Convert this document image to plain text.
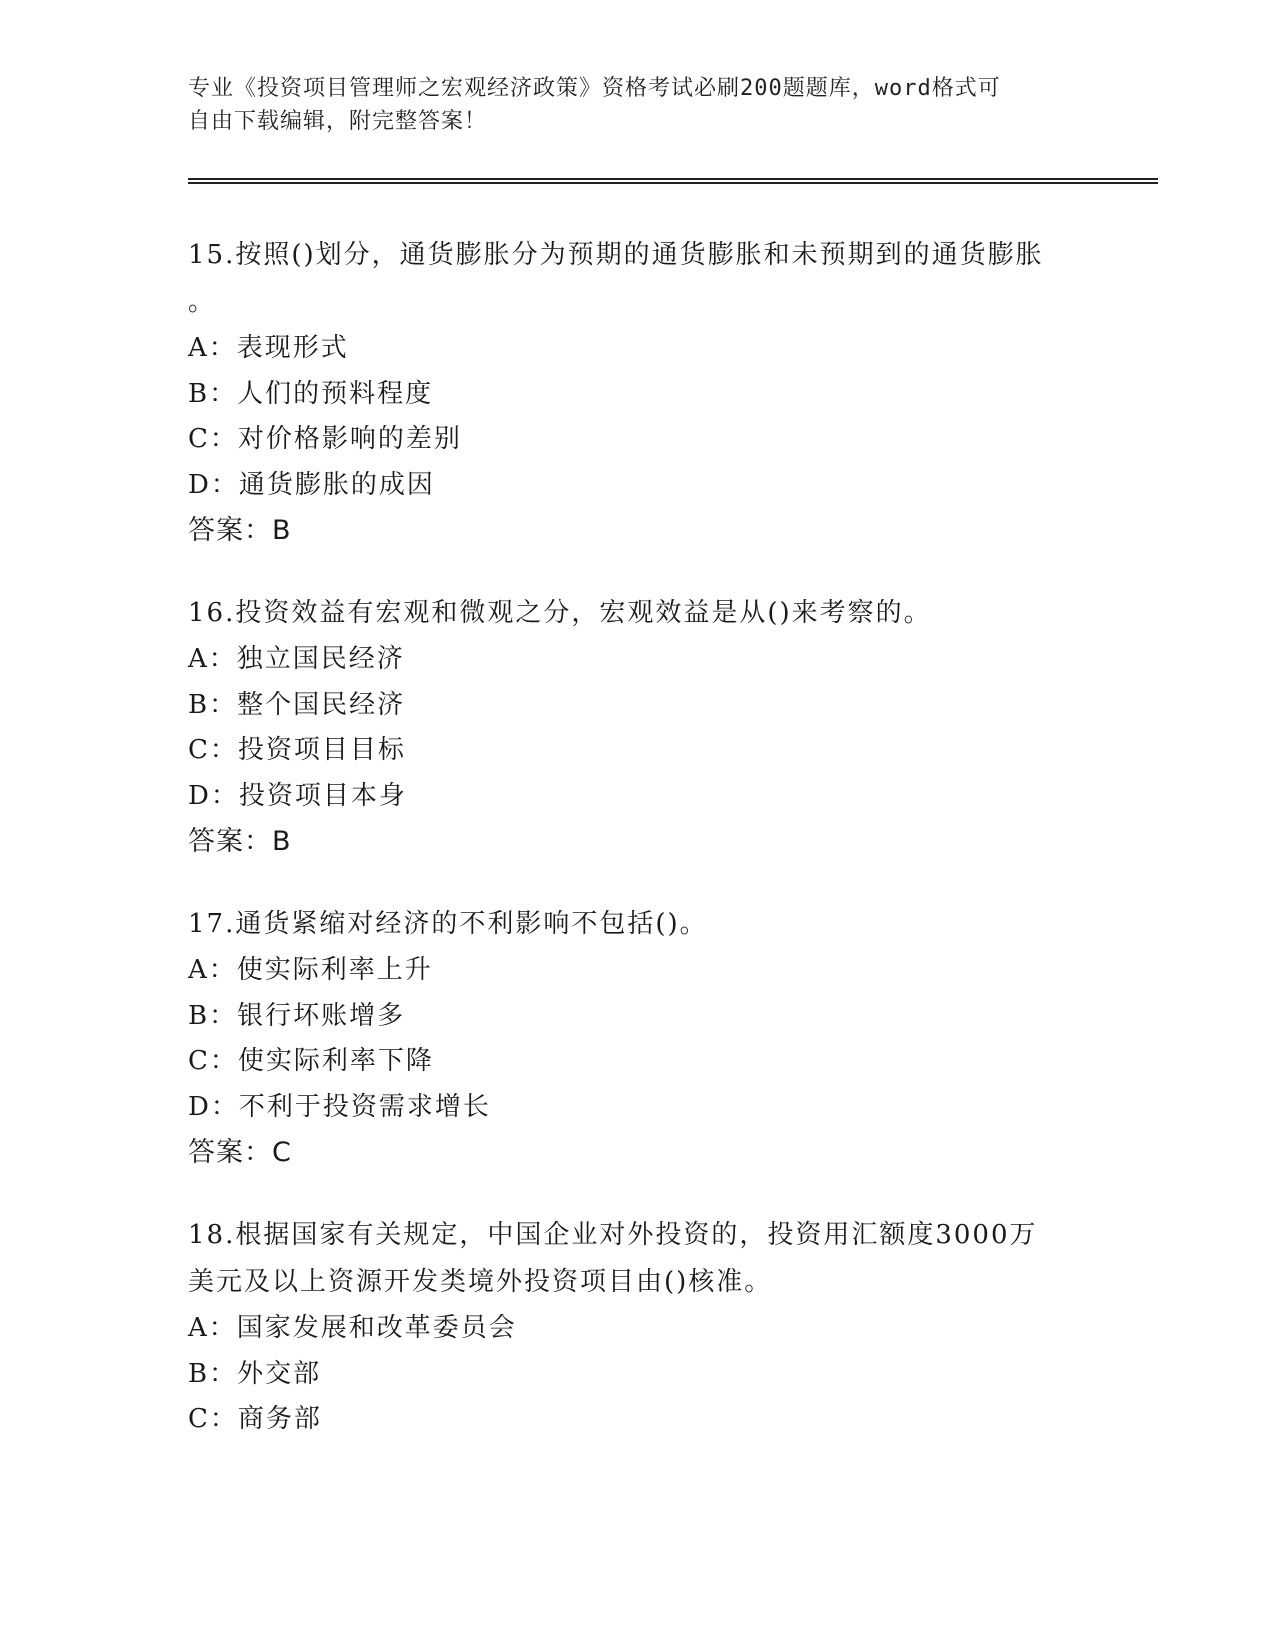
专业《投资项目管理师之宏观经济政策》资格考试必刷200题题库，word格式可
自由下载编辑，附完整答案！

15.按照()划分，通货膨胀分为预期的通货膨胀和未预期到的通货膨胀

。

A：表现形式

B：人们的预料程度

C：对价格影响的差别

D：通货膨胀的成因

答案：B

16.投资效益有宏观和微观之分，宏观效益是从()来考察的。

A：独立国民经济

B：整个国民经济

C：投资项目目标

D：投资项目本身

答案：B

17.通货紧缩对经济的不利影响不包括()。

A：使实际利率上升

B：银行坏账增多

C：使实际利率下降

D：不利于投资需求增长

答案：C

18.根据国家有关规定，中国企业对外投资的，投资用汇额度3000万

美元及以上资源开发类境外投资项目由()核准。

A：国家发展和改革委员会

B：外交部

C：商务部
